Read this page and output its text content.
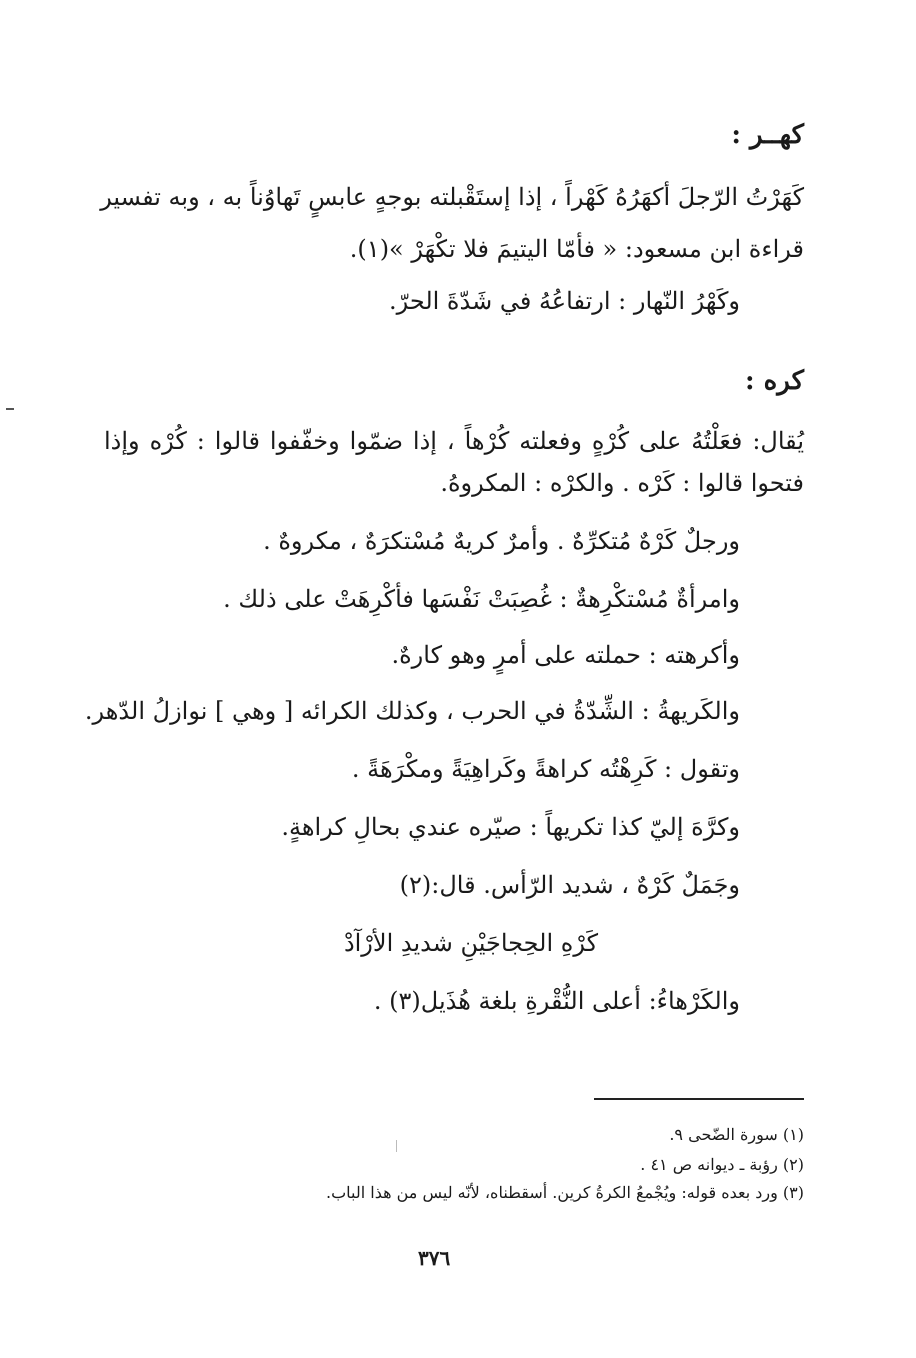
كهــر :
كَهَرْتُ الرّجلَ أكهَرُهُ كَهْراً ، إذا إستَقْبلته بوجهٍ عابسٍ تَهاوُناً به ، وبه تفسير
قراءة ابن مسعود: « فأمّا اليتيمَ فلا تكْهَرْ »(١).
وكَهْرُ النّهار : ارتفاعُهُ في شَدّةَ الحرّ.
كره :
يُقال: فعَلْتُهُ على كُرْهٍ وفعلته كُرْهاً ، إذا ضمّوا وخفّفوا قالوا : كُرْه وإذا
فتحوا قالوا : كَرْه . والكرْه : المكروهُ.
ورجلٌ كَرْهٌ مُتكرِّهٌ . وأمرٌ كريهٌ مُسْتكرَهٌ ، مكروهٌ .
وامرأةٌ مُسْتكْرِهةٌ : غُصِبَتْ نَفْسَها فأكْرِهَتْ على ذلك .
وأكرهته : حملته على أمرٍ وهو كارهٌ.
والكَريهةُ : الشِّدّةُ في الحرب ، وكذلك الكرائه [ وهي ] نوازلُ الدّهر.
وتقول : كَرِهْتُه كراهةً وكَراهِيَةً ومكْرَهَةً .
وكرَّهَ إليّ كذا تكريهاً : صيّره عندي بحالِ كراهةٍ.
وجَمَلٌ كَرْهٌ ، شديد الرّأس. قال:(٢)
كَرْهِ الحِجاجَيْنِ شديدِ الأرْآدْ
والكَرْهاءُ: أعلى النُّقْرةِ بلغة هُذَيل(٣) .
(١) سورة الضّحى ٩.
(٢) رؤبة ـ ديوانه ص ٤١ .
(٣) ورد بعده قوله: ويُجْمعُ الكرةُ كرين. أسقطناه، لأنّه ليس من هذا الباب.
٣٧٦
